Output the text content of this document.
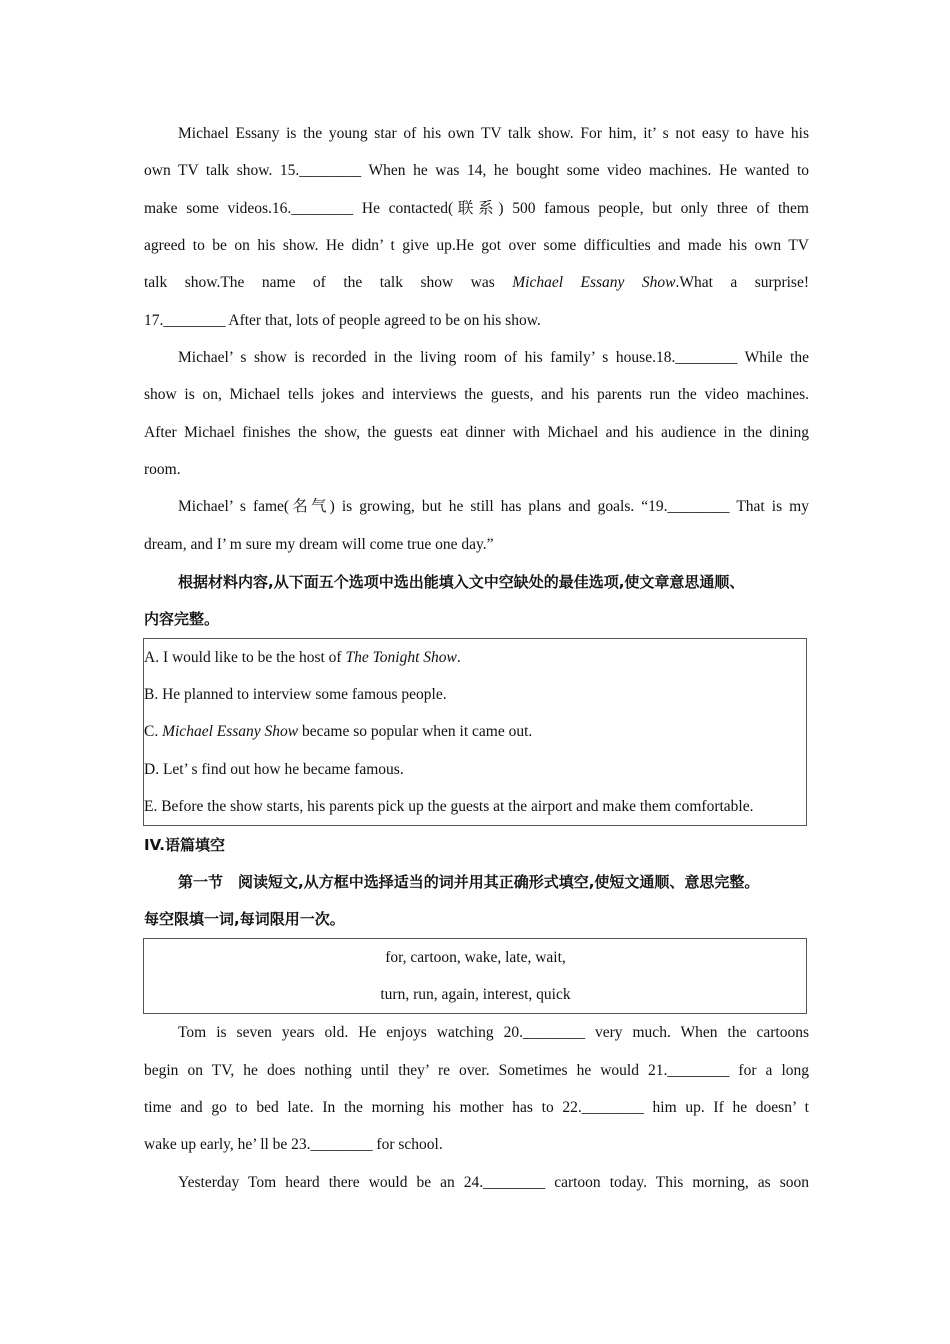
Michael Essany is the young star of his own TV talk show. For him, it’ s not easy to have his
own TV talk show. 15.________ When he was 14, he bought some video machines. He wanted to
make some videos.16.________ He contacted(联系) 500 famous people, but only three of them
agreed to be on his show. He didn’ t give up.He got over some difficulties and made his own TV
talk show.The name of the talk show was Michael Essany Show.What a surprise!
17.________ After that, lots of people agreed to be on his show.
Michael’ s show is recorded in the living room of his family’ s house.18.________ While the
show is on, Michael tells jokes and interviews the guests, and his parents run the video machines.
After Michael finishes the show, the guests eat dinner with Michael and his audience in the dining
room.
Michael’ s fame(名气) is growing, but he still has plans and goals. “19.________ That is my
dream, and I’ m sure my dream will come true one day.”
根据材料内容,从下面五个选项中选出能填入文中空缺处的最佳选项,使文章意思通顺、
内容完整。
A. I would like to be the host of The Tonight Show.
B. He planned to interview some famous people.
C. Michael Essany Show became so popular when it came out.
D. Let’ s find out how he became famous.
E. Before the show starts, his parents pick up the guests at the airport and make them comfortable.
IV.语篇填空
第一节　阅读短文,从方框中选择适当的词并用其正确形式填空,使短文通顺、意思完整。
每空限填一词,每词限用一次。
for, cartoon, wake, late, wait,
turn, run, again, interest, quick
Tom is seven years old. He enjoys watching 20.________ very much. When the cartoons
begin on TV, he does nothing until they’ re over. Sometimes he would 21.________ for a long
time and go to bed late. In the morning his mother has to 22.________ him up. If he doesn’ t
wake up early, he’ ll be 23.________ for school.
Yesterday Tom heard there would be an 24.________ cartoon today. This morning, as soon
